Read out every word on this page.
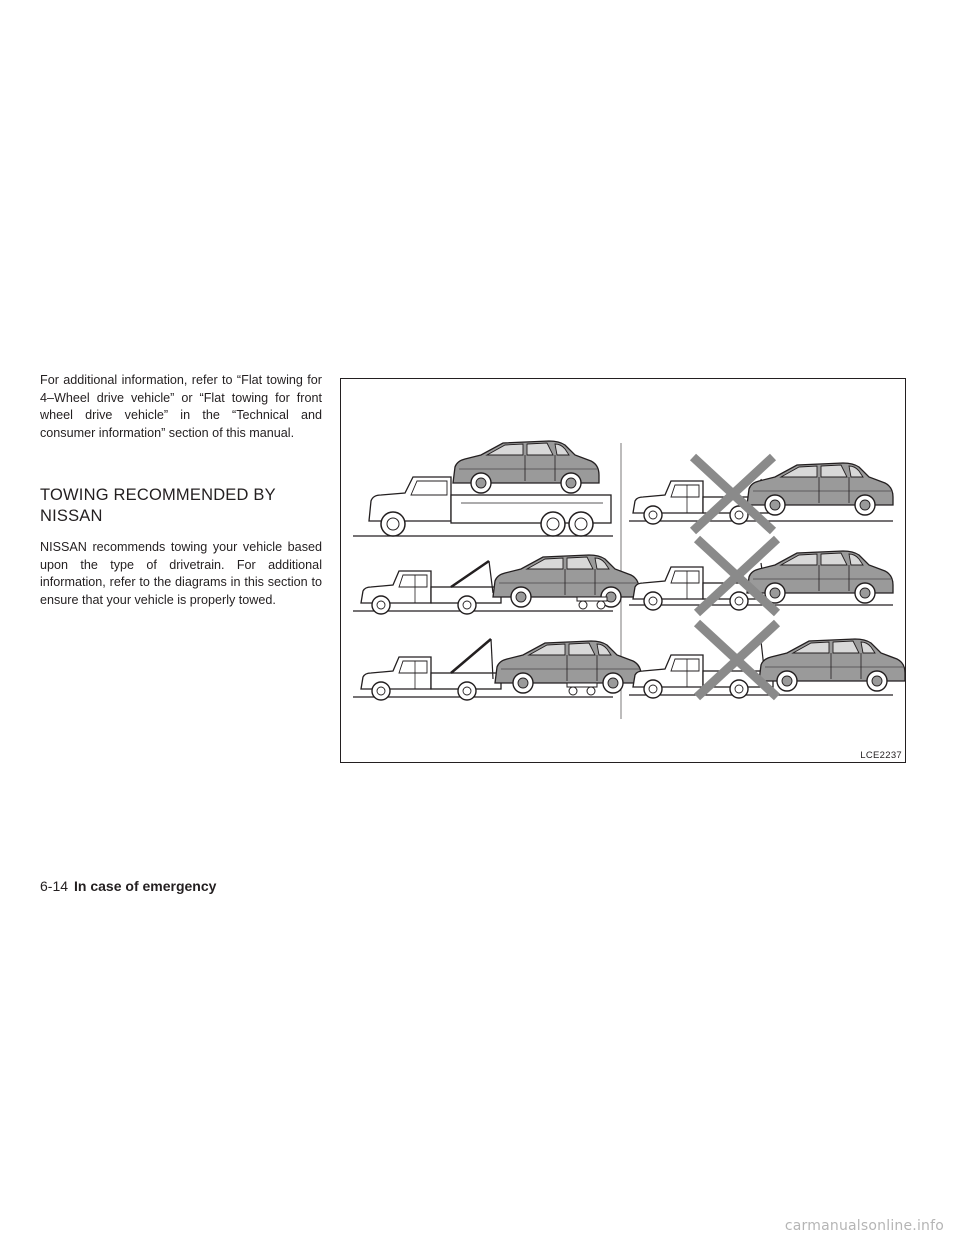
For additional information, refer to “Flat towing for 4–Wheel drive vehicle” or “Flat towing for front wheel drive vehicle” in the “Technical and consumer information” section of this manual.

TOWING RECOMMENDED BY NISSAN

NISSAN recommends towing your vehicle based upon the type of drivetrain. For additional information, refer to the diagrams in this section to ensure that your vehicle is properly towed.

LCE2237
6-14 In case of emergency
carmanualsonline.info
